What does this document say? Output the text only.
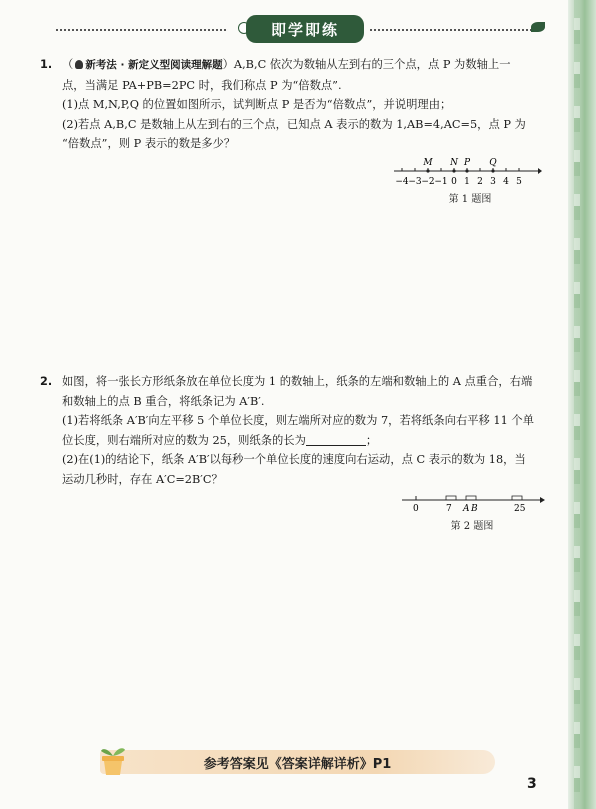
即学即练

1. （ 新考法 · 新定义型阅读理解题）A,B,C 依次为数轴从左到右的三个点，点 P 为数轴上一

点，当满足 PA+PB=2PC 时，我们称点 P 为“倍数点”.

(1)点 M,N,P,Q 的位置如图所示，试判断点 P 是否为“倍数点”，并说明理由；

(2)若点 A,B,C 是数轴上从左到右的三个点，已知点 A 表示的数为 1,AB=4,AC=5，点 P 为

“倍数点”，则 P 表示的数是多少？

−4 −3 −2 −1 0 1 2 3 4 5
M N P Q
第 1 题图

2. 如图，将一张长方形纸条放在单位长度为 1 的数轴上，纸条的左端和数轴上的 A 点重合，右端

和数轴上的点 B 重合，将纸条记为 A′B′.

(1)若将纸条 A′B′向左平移 5 个单位长度，则左端所对应的数为 7，若将纸条向右平移 11 个单

位长度，则右端所对应的数为 25，则纸条的长为	；

(2)在(1)的结论下，纸条 A′B′以每秒一个单位长度的速度向右运动，点 C 表示的数为 18，当

运动几秒时，存在 A′C=2B′C？

0	7 A B	25
第 2 题图
参考答案见《答案详解详析》P1
3
